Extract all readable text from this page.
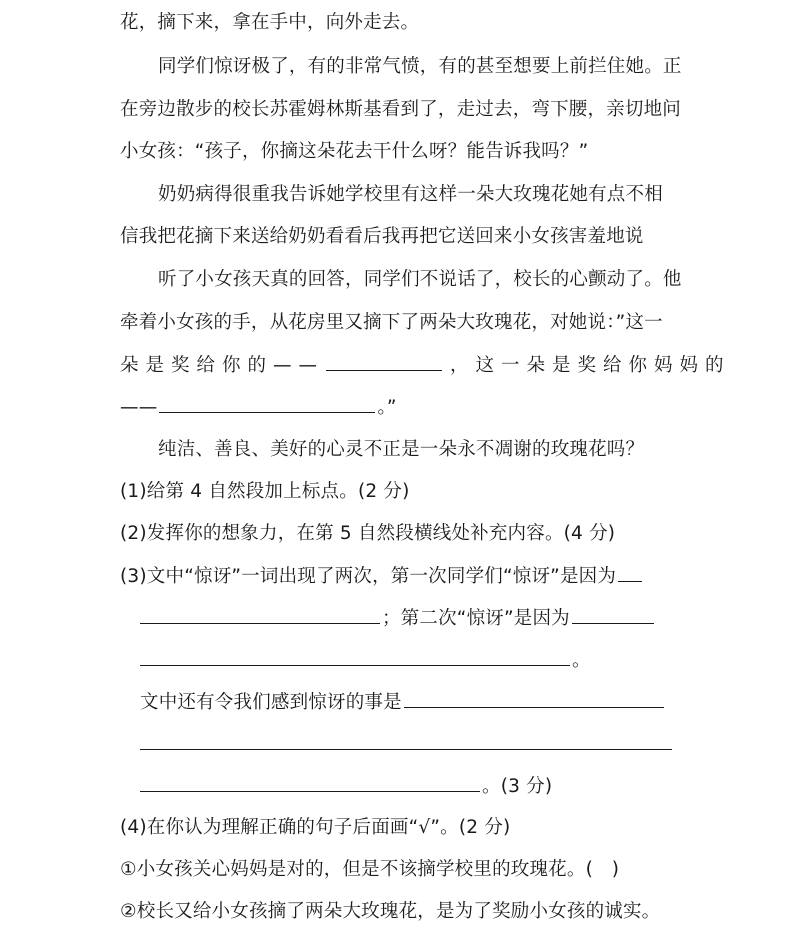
花，摘下来，拿在手中，向外走去。
同学们惊讶极了，有的非常气愤，有的甚至想要上前拦住她。正
在旁边散步的校长苏霍姆林斯基看到了，走过去，弯下腰，亲切地问
小女孩：“孩子，你摘这朵花去干什么呀？能告诉我吗？”
奶奶病得很重我告诉她学校里有这样一朵大玫瑰花她有点不相
信我把花摘下来送给奶奶看看后我再把它送回来小女孩害羞地说
听了小女孩天真的回答，同学们不说话了，校长的心颤动了。他
牵着小女孩的手，从花房里又摘下了两朵大玫瑰花，对她说：”这一
朵是奖给你的——	，这一朵是奖给你妈妈的
——	。”
纯洁、善良、美好的心灵不正是一朵永不凋谢的玫瑰花吗？
(1)给第 4 自然段加上标点。(2 分)
(2)发挥你的想象力，在第 5 自然段横线处补充内容。(4 分)
(3)文中“惊讶”一词出现了两次，第一次同学们“惊讶”是因为
；第二次“惊讶”是因为
。
文中还有令我们感到惊讶的事是
。(3 分)
(4)在你认为理解正确的句子后面画“√”。(2 分)
①小女孩关心妈妈是对的，但是不该摘学校里的玫瑰花。(　)
②校长又给小女孩摘了两朵大玫瑰花，是为了奖励小女孩的诚实。
